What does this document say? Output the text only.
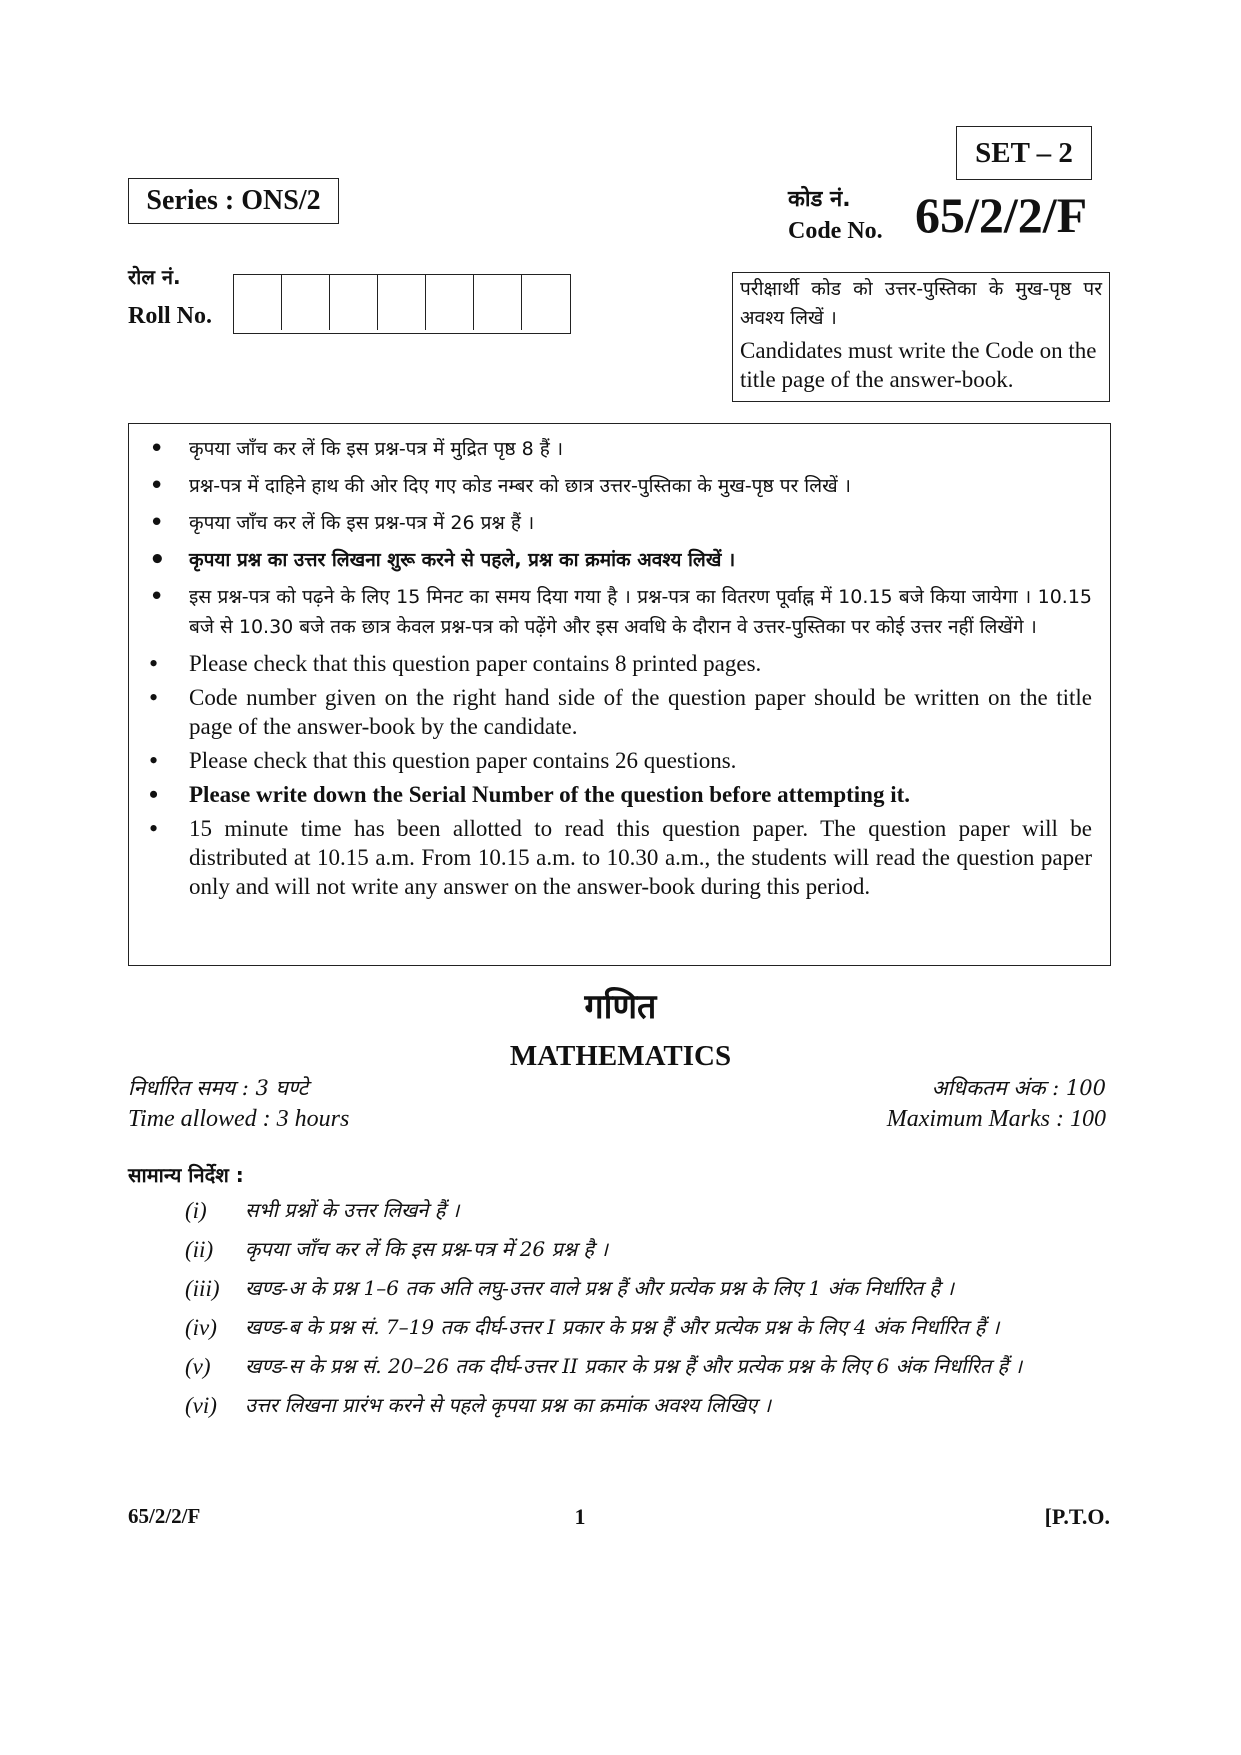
SET – 2
Series : ONS/2	कोड नं.
Code No. 65/2/2/F
रोल नं.
Roll No.
परीक्षार्थी कोड को उत्तर-पुस्तिका के मुख-पृष्ठ पर अवश्य लिखें ।
Candidates must write the Code on the title page of the answer-book.
• कृपया जाँच कर लें कि इस प्रश्न-पत्र में मुद्रित पृष्ठ 8 हैं ।
• प्रश्न-पत्र में दाहिने हाथ की ओर दिए गए कोड नम्बर को छात्र उत्तर-पुस्तिका के मुख-पृष्ठ पर लिखें ।
• कृपया जाँच कर लें कि इस प्रश्न-पत्र में 26 प्रश्न हैं ।
• कृपया प्रश्न का उत्तर लिखना शुरू करने से पहले, प्रश्न का क्रमांक अवश्य लिखें ।
• इस प्रश्न-पत्र को पढ़ने के लिए 15 मिनट का समय दिया गया है । प्रश्न-पत्र का वितरण पूर्वाह्न में 10.15 बजे किया जायेगा । 10.15 बजे से 10.30 बजे तक छात्र केवल प्रश्न-पत्र को पढ़ेंगे और इस अवधि के दौरान वे उत्तर-पुस्तिका पर कोई उत्तर नहीं लिखेंगे ।
• Please check that this question paper contains 8 printed pages.
• Code number given on the right hand side of the question paper should be written on the title page of the answer-book by the candidate.
• Please check that this question paper contains 26 questions.
• Please write down the Serial Number of the question before attempting it.
• 15 minute time has been allotted to read this question paper. The question paper will be distributed at 10.15 a.m. From 10.15 a.m. to 10.30 a.m., the students will read the question paper only and will not write any answer on the answer-book during this period.
गणित
MATHEMATICS
निर्धारित समय : 3 घण्टे
Time allowed : 3 hours
अधिकतम अंक : 100
Maximum Marks : 100
सामान्य निर्देश :
(i)	सभी प्रश्नों के उत्तर लिखने हैं ।
(ii)	कृपया जाँच कर लें कि इस प्रश्न-पत्र में 26 प्रश्न है ।
(iii)	खण्ड-अ के प्रश्न 1–6 तक अति लघु-उत्तर वाले प्रश्न हैं और प्रत्येक प्रश्न के लिए 1 अंक निर्धारित है ।
(iv)	खण्ड-ब के प्रश्न सं. 7–19 तक दीर्घ-उत्तर I प्रकार के प्रश्न हैं और प्रत्येक प्रश्न के लिए 4 अंक निर्धारित हैं ।
(v)	खण्ड-स के प्रश्न सं. 20–26 तक दीर्घ-उत्तर II प्रकार के प्रश्न हैं और प्रत्येक प्रश्न के लिए 6 अंक निर्धारित हैं ।
(vi)	उत्तर लिखना प्रारंभ करने से पहले कृपया प्रश्न का क्रमांक अवश्य लिखिए ।
65/2/2/F	1	[P.T.O.
